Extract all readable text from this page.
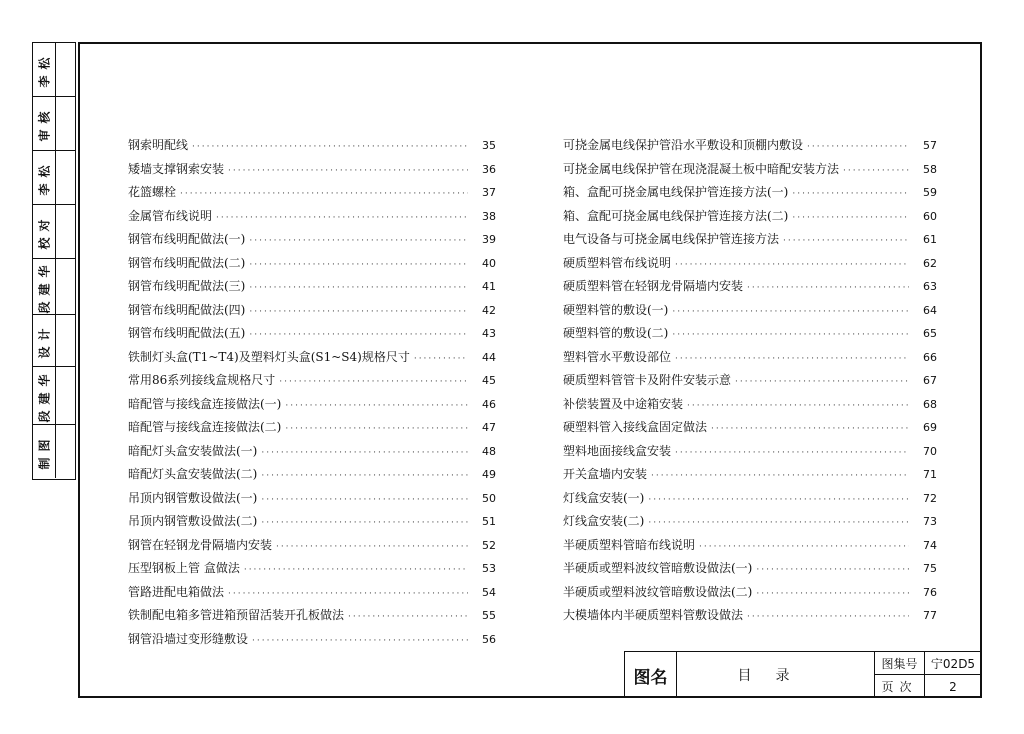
李松
审核
李松
校对
段建华
设计
段建华
制图
钢索明配线 ·····	35
矮墙支撑钢索安装 ·····	36
花篮螺栓 ·····	37
金属管布线说明 ·····	38
钢管布线明配做法(一) ·····	39
钢管布线明配做法(二) ·····	40
钢管布线明配做法(三) ·····	41
钢管布线明配做法(四) ·····	42
钢管布线明配做法(五) ·····	43
铁制灯头盒(T1~T4)及塑料灯头盒(S1~S4)规格尺寸 ·····	44
常用86系列接线盒规格尺寸 ·····	45
暗配管与接线盒连接做法(一) ·····	46
暗配管与接线盒连接做法(二) ·····	47
暗配灯头盒安装做法(一) ·····	48
暗配灯头盒安装做法(二) ·····	49
吊顶内钢管敷设做法(一) ·····	50
吊顶内钢管敷设做法(二) ·····	51
钢管在轻钢龙骨隔墙内安装 ·····	52
压型钢板上管 盒做法 ·····	53
管路进配电箱做法 ·····	54
铁制配电箱多管进箱预留活装开孔板做法 ·····	55
钢管沿墙过变形缝敷设 ·····	56
可挠金属电线保护管沿水平敷设和顶棚内敷设 ·····	57
可挠金属电线保护管在现浇混凝土板中暗配安装方法 ·····	58
箱、盒配可挠金属电线保护管连接方法(一) ·····	59
箱、盒配可挠金属电线保护管连接方法(二) ·····	60
电气设备与可挠金属电线保护管连接方法 ·····	61
硬质塑料管布线说明 ·····	62
硬质塑料管在轻钢龙骨隔墙内安装 ·····	63
硬塑料管的敷设(一) ·····	64
硬塑料管的敷设(二) ·····	65
塑料管水平敷设部位 ·····	66
硬质塑料管管卡及附件安装示意 ·····	67
补偿装置及中途箱安装 ·····	68
硬塑料管入接线盒固定做法 ·····	69
塑料地面接线盒安装 ·····	70
开关盒墙内安装 ·····	71
灯线盒安装(一) ·····	72
灯线盒安装(二) ·····	73
半硬质塑料管暗布线说明 ·····	74
半硬质或塑料波纹管暗敷设做法(一) ·····	75
半硬质或塑料波纹管暗敷设做法(二) ·····	76
大模墙体内半硬质塑料管敷设做法 ·····	77
图名	目录
图集号	宁02D5
页次	2
